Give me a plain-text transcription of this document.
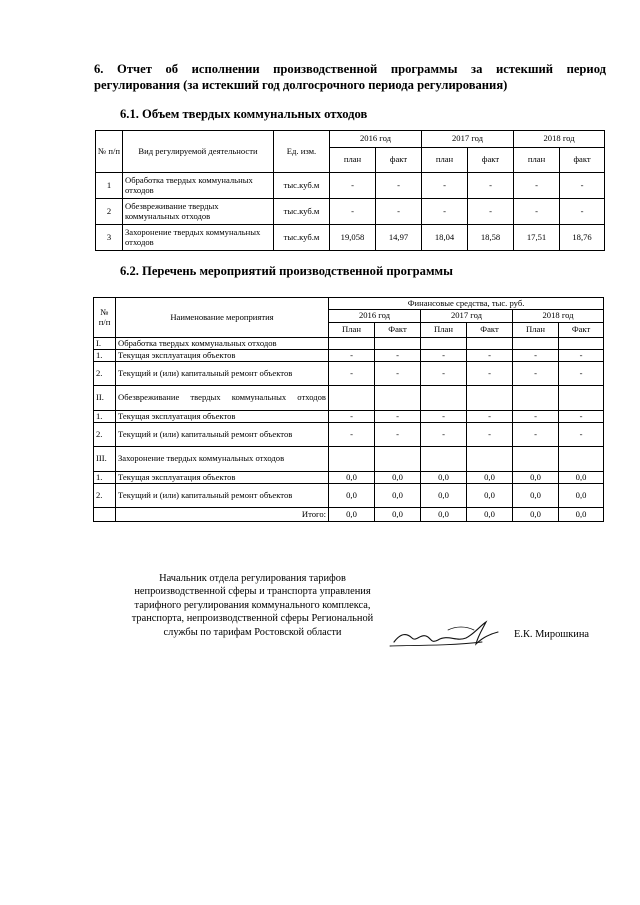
6. Отчет об исполнении производственной программы за истекший период регулирования (за истекший год долгосрочного периода регулирования)
6.1. Объем твердых коммунальных отходов
№ п/п	Вид регулируемой деятельности	Ед. изм.	2016 год		2017 год		2018 год	
			план	факт	план	факт	план	факт
1	Обработка твердых коммунальных отходов	тыс.куб.м	-	-	-	-	-	-
2	Обезвреживание твердых коммунальных отходов	тыс.куб.м	-	-	-	-	-	-
3	Захоронение твердых коммунальных отходов	тыс.куб.м	19,058	14,97	18,04	18,58	17,51	18,76
6.2. Перечень мероприятий производственной программы
№ п/п	Наименование мероприятия	Финансовые средства, тыс. руб.					
		2016 год		2017 год		2018 год	
		План	Факт	План	Факт	План	Факт
I.	Обработка твердых коммунальных отходов						
1.	Текущая эксплуатация объектов	-	-	-	-	-	-
2.	Текущий и (или) капитальный ремонт объектов	-	-	-	-	-	-
II.	Обезвреживание твердых коммунальных отходов						
1.	Текущая эксплуатация объектов	-	-	-	-	-	-
2.	Текущий и (или) капитальный ремонт объектов	-	-	-	-	-	-
III.	Захоронение твердых коммунальных отходов						
1.	Текущая эксплуатация объектов	0,0	0,0	0,0	0,0	0,0	0,0
2.	Текущий и (или) капитальный ремонт объектов	0,0	0,0	0,0	0,0	0,0	0,0
	Итого:	0,0	0,0	0,0	0,0	0,0	0,0
Начальник отдела регулирования тарифов
непроизводственной сферы и транспорта управления
тарифного регулирования коммунального комплекса,
транспорта, непроизводственной сферы Региональной
службы по тарифам Ростовской области	Е.К. Мирошкина
